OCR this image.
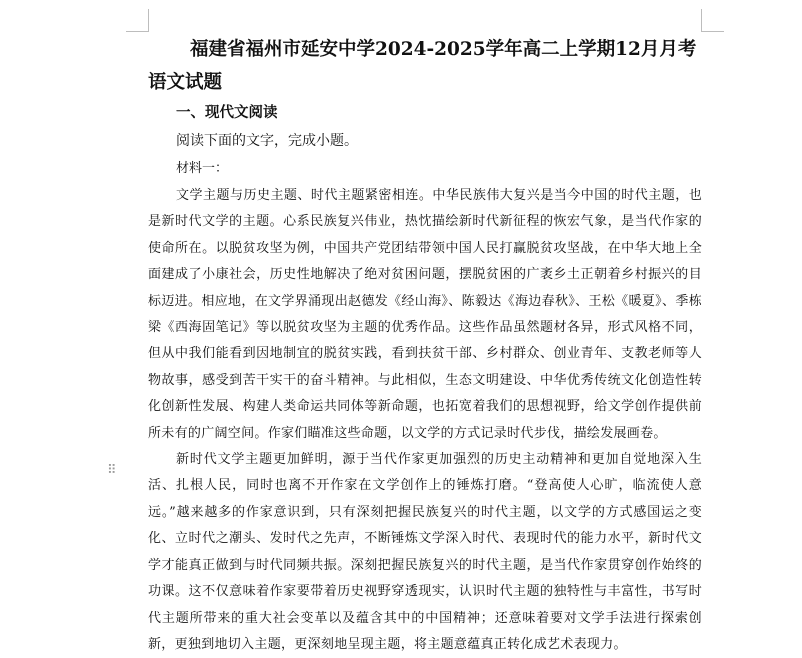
⠿
福建省福州市延安中学2024-2025学年高二上学期12月月考语文试题

一、现代文阅读

阅读下面的文字，完成小题。

材料一：

文学主题与历史主题、时代主题紧密相连。中华民族伟大复兴是当今中国的时代主题，也是新时代文学的主题。心系民族复兴伟业，热忱描绘新时代新征程的恢宏气象，是当代作家的使命所在。以脱贫攻坚为例，中国共产党团结带领中国人民打赢脱贫攻坚战，在中华大地上全面建成了小康社会，历史性地解决了绝对贫困问题，摆脱贫困的广袤乡土正朝着乡村振兴的目标迈进。相应地，在文学界涌现出赵德发《经山海》、陈毅达《海边春秋》、王松《暖夏》、季栋梁《西海固笔记》等以脱贫攻坚为主题的优秀作品。这些作品虽然题材各异，形式风格不同，但从中我们能看到因地制宜的脱贫实践，看到扶贫干部、乡村群众、创业青年、支教老师等人物故事，感受到苦干实干的奋斗精神。与此相似，生态文明建设、中华优秀传统文化创造性转化创新性发展、构建人类命运共同体等新命题，也拓宽着我们的思想视野，给文学创作提供前所未有的广阔空间。作家们瞄准这些命题，以文学的方式记录时代步伐，描绘发展画卷。

新时代文学主题更加鲜明，源于当代作家更加强烈的历史主动精神和更加自觉地深入生活、扎根人民，同时也离不开作家在文学创作上的锤炼打磨。“登高使人心旷，临流使人意远。”越来越多的作家意识到，只有深刻把握民族复兴的时代主题，以文学的方式感国运之变化、立时代之潮头、发时代之先声，不断锤炼文学深入时代、表现时代的能力水平，新时代文学才能真正做到与时代同频共振。深刻把握民族复兴的时代主题，是当代作家贯穿创作始终的功课。这不仅意味着作家要带着历史视野穿透现实，认识时代主题的独特性与丰富性，书写时代主题所带来的重大社会变革以及蕴含其中的中国精神；还意味着要对文学手法进行探索创新，更独到地切入主题，更深刻地呈现主题，将主题意蕴真正转化成艺术表现力。
